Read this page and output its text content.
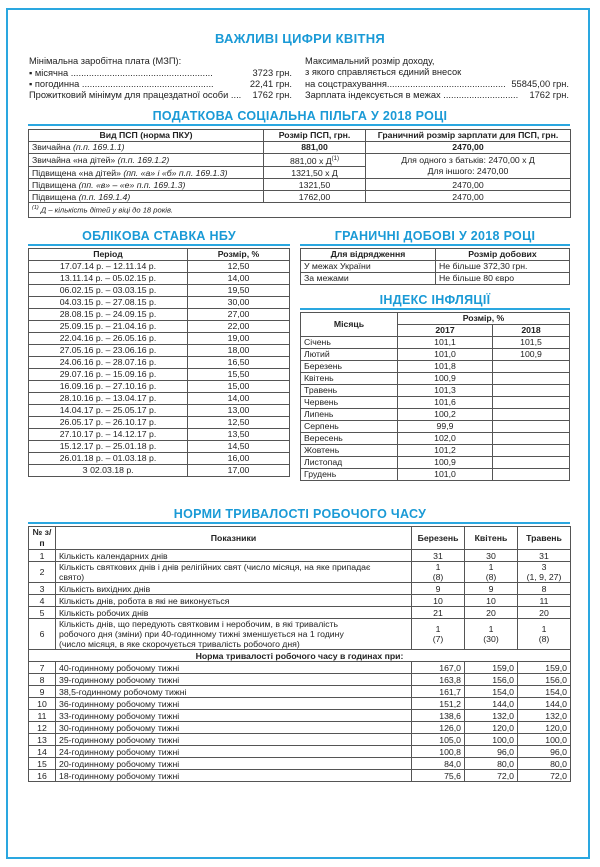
ВАЖЛИВІ ЦИФРИ КВІТНЯ
Мінімальна заробітна плата (МЗП):
▪ місячна .......................................................	3723 грн.
▪ погодинна ...................................................	22,41 грн.
Прожитковий мінімум для працездатної особи .... 1762 грн.
Максимальний розмір доходу,
з якого справляється єдиний внесок
на соцстрахування.............................................. 55845,00 грн.
Зарплата індексується в межах ............................. 1762 грн.
ПОДАТКОВА СОЦІАЛЬНА ПІЛЬГА У 2018 РОЦІ
Вид ПСП (норма ПКУ)	Розмір ПСП, грн.	Граничний розмір зарплати для ПСП, грн.
Звичайна (п.п. 169.1.1)	881,00	2470,00
Звичайна «на дітей» (п.п. 169.1.2)	881,00 х $Д^{(1)}$	Для одного з батьків: 2470,00 х Д
Для іншого: 2470,00
Підвищена «на дітей» (пп. «а» і «б» п.п. 169.1.3)	1321,50 х Д	
Підвищена (пп. «в» – «е» п.п. 169.1.3)	1321,50	2470,00
Підвищена (п.п. 169.1.4)	1762,00	2470,00
$^{(1)}$ Д – кількість дітей у віці до 18 років.		
ОБЛІКОВА СТАВКА НБУ
Період	Розмір, %
17.07.14 р. – 12.11.14 р.	12,50
13.11.14 р. – 05.02.15 р.	14,00
06.02.15 р. – 03.03.15 р.	19,50
04.03.15 р. – 27.08.15 р.	30,00
28.08.15 р. – 24.09.15 р.	27,00
25.09.15 р. – 21.04.16 р.	22,00
22.04.16 р. – 26.05.16 р.	19,00
27.05.16 р. – 23.06.16 р.	18,00
24.06.16 р. – 28.07.16 р.	16,50
29.07.16 р. – 15.09.16 р.	15,50
16.09.16 р. – 27.10.16 р.	15,00
28.10.16 р. – 13.04.17 р.	14,00
14.04.17 р. – 25.05.17 р.	13,00
26.05.17 р. – 26.10.17 р.	12,50
27.10.17 р. – 14.12.17 р.	13,50
15.12.17 р. – 25.01.18 р.	14,50
26.01.18 р. – 01.03.18 р.	16,00
З 02.03.18 р.	17,00
ГРАНИЧНІ ДОБОВІ У 2018 РОЦІ
Для відрядження	Розмір добових
У межах України	Не більше 372,30 грн.
За межами	Не більше 80 євро
ІНДЕКС ІНФЛЯЦІЇ
Місяць	Розмір, %	
	2017	2018
Січень	101,1	101,5
Лютий	101,0	100,9
Березень	101,8	
Квітень	100,9	
Травень	101,3	
Червень	101,6	
Липень	100,2	
Серпень	99,9	
Вересень	102,0	
Жовтень	101,2	
Листопад	100,9	
Грудень	101,0	
НОРМИ ТРИВАЛОСТІ РОБОЧОГО ЧАСУ
№ з/п	Показники	Березень	Квітень	Травень
1	Кількість календарних днів	31	30	31
2	Кількість святкових днів і днів релігійних свят (число місяця, на яке припадає
свято)	1
(8)	1
(8)	3
(1, 9, 27)
3	Кількість вихідних днів	9	9	8
4	Кількість днів, робота в які не виконується	10	10	11
5	Кількість робочих днів	21	20	20
6	Кількість днів, що передують святковим і неробочим, в які тривалість
робочого дня (зміни) при 40-годинному тижні зменшується на 1 годину
(число місяця, в яке скорочується тривалість робочого дня)	1
(7)	1
(30)	1
(8)
Норма тривалості робочого часу в годинах при:				
7	40-годинному робочому тижні	167,0	159,0	159,0
8	39-годинному робочому тижні	163,8	156,0	156,0
9	38,5-годинному робочому тижні	161,7	154,0	154,0
10	36-годинному робочому тижні	151,2	144,0	144,0
11	33-годинному робочому тижні	138,6	132,0	132,0
12	30-годинному робочому тижні	126,0	120,0	120,0
13	25-годинному робочому тижні	105,0	100,0	100,0
14	24-годинному робочому тижні	100,8	96,0	96,0
15	20-годинному робочому тижні	84,0	80,0	80,0
16	18-годинному робочому тижні	75,6	72,0	72,0
